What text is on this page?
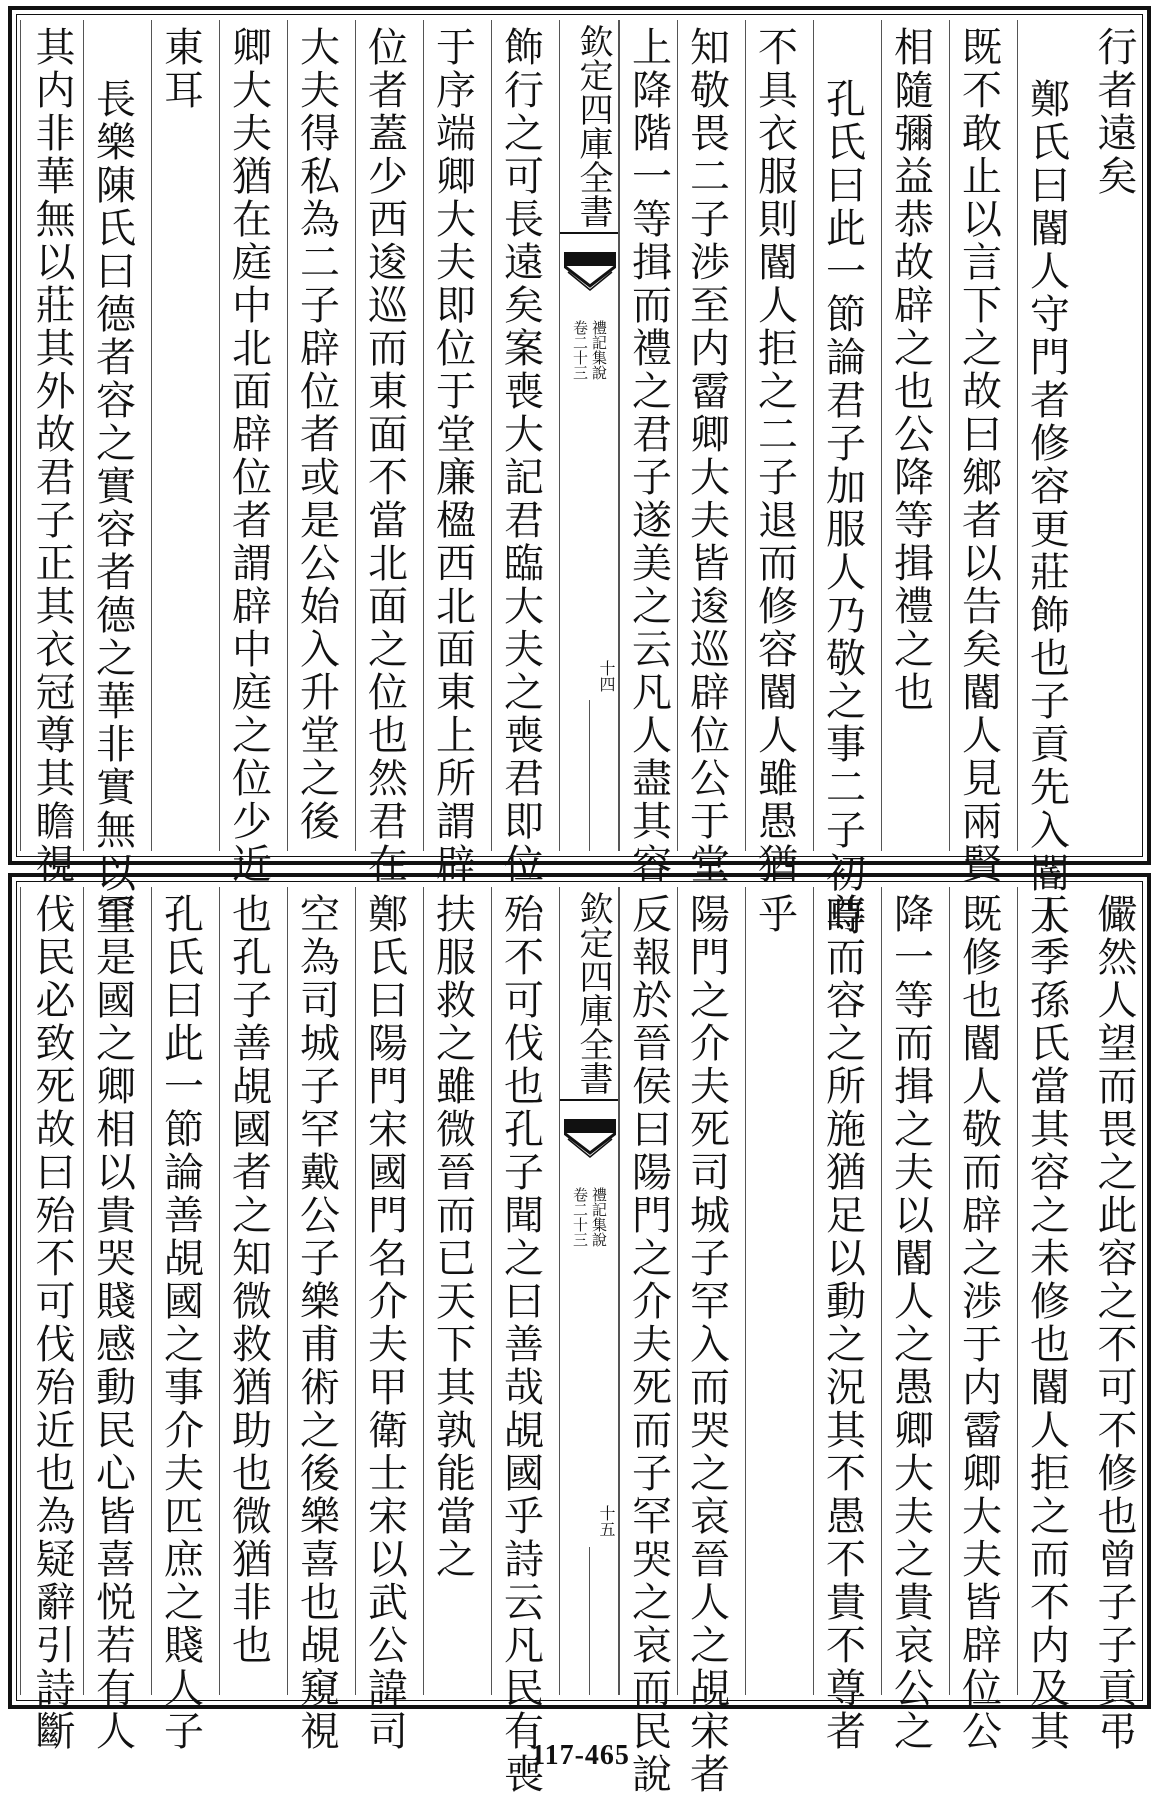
行者遠矣
鄭氏曰閽人守門者修容更莊飾也子貢先入閽人
既不敢止以言下之故曰鄉者以告矣閽人見兩賢
相隨彌益恭故辟之也公降等揖禮之也
孔氏曰此一節論君子加服人乃敬之事二子初時
不具衣服則閽人拒之二子退而修容閽人雖愚猶
知敬畏二子渉至内霤卿大夫皆逡巡辟位公于堂
上降階一等揖而禮之君子遂美之云凡人盡其容
欽定四庫全書
卷二十三 禮記集說
十四
飾行之可長遠矣案喪大記君臨大夫之喪君即位
于序端卿大夫即位于堂廉楹西北面東上所謂辟
位者蓋少西逡巡而東面不當北面之位也然君在
大夫得私為二子辟位者或是公始入升堂之後
卿大夫猶在庭中北面辟位者謂辟中庭之位少近
東耳
長樂陳氏曰德者容之實容者德之華非實無以重
其内非華無以莊其外故君子正其衣冠尊其瞻視
儼然人望而畏之此容之不可不修也曾子子貢弔
于季孫氏當其容之未修也閽人拒之而不内及其
既修也閽人敬而辟之渉于内霤卿大夫皆辟位公
降一等而揖之夫以閽人之愚卿大夫之貴哀公之
尊而容之所施猶足以動之況其不愚不貴不尊者
乎
陽門之介夫死司城子罕入而哭之哀晉人之覘宋者
反報於晉侯曰陽門之介夫死而子罕哭之哀而民說
欽定四庫全書
卷二十三 禮記集說
十五
殆不可伐也孔子聞之曰善哉覘國乎詩云凡民有喪
扶服救之雖微晉而已天下其孰能當之
鄭氏曰陽門宋國門名介夫甲衛士宋以武公諱司
空為司城子罕戴公子樂甫術之後樂喜也覘窺視
也孔子善覘國者之知微救猶助也微猶非也
孔氏曰此一節論善覘國之事介夫匹庶之賤人子
罕是國之卿相以貴哭賤感動民心皆喜悦若有人
伐民必致死故曰殆不可伐殆近也為疑辭引詩斷
117-465
